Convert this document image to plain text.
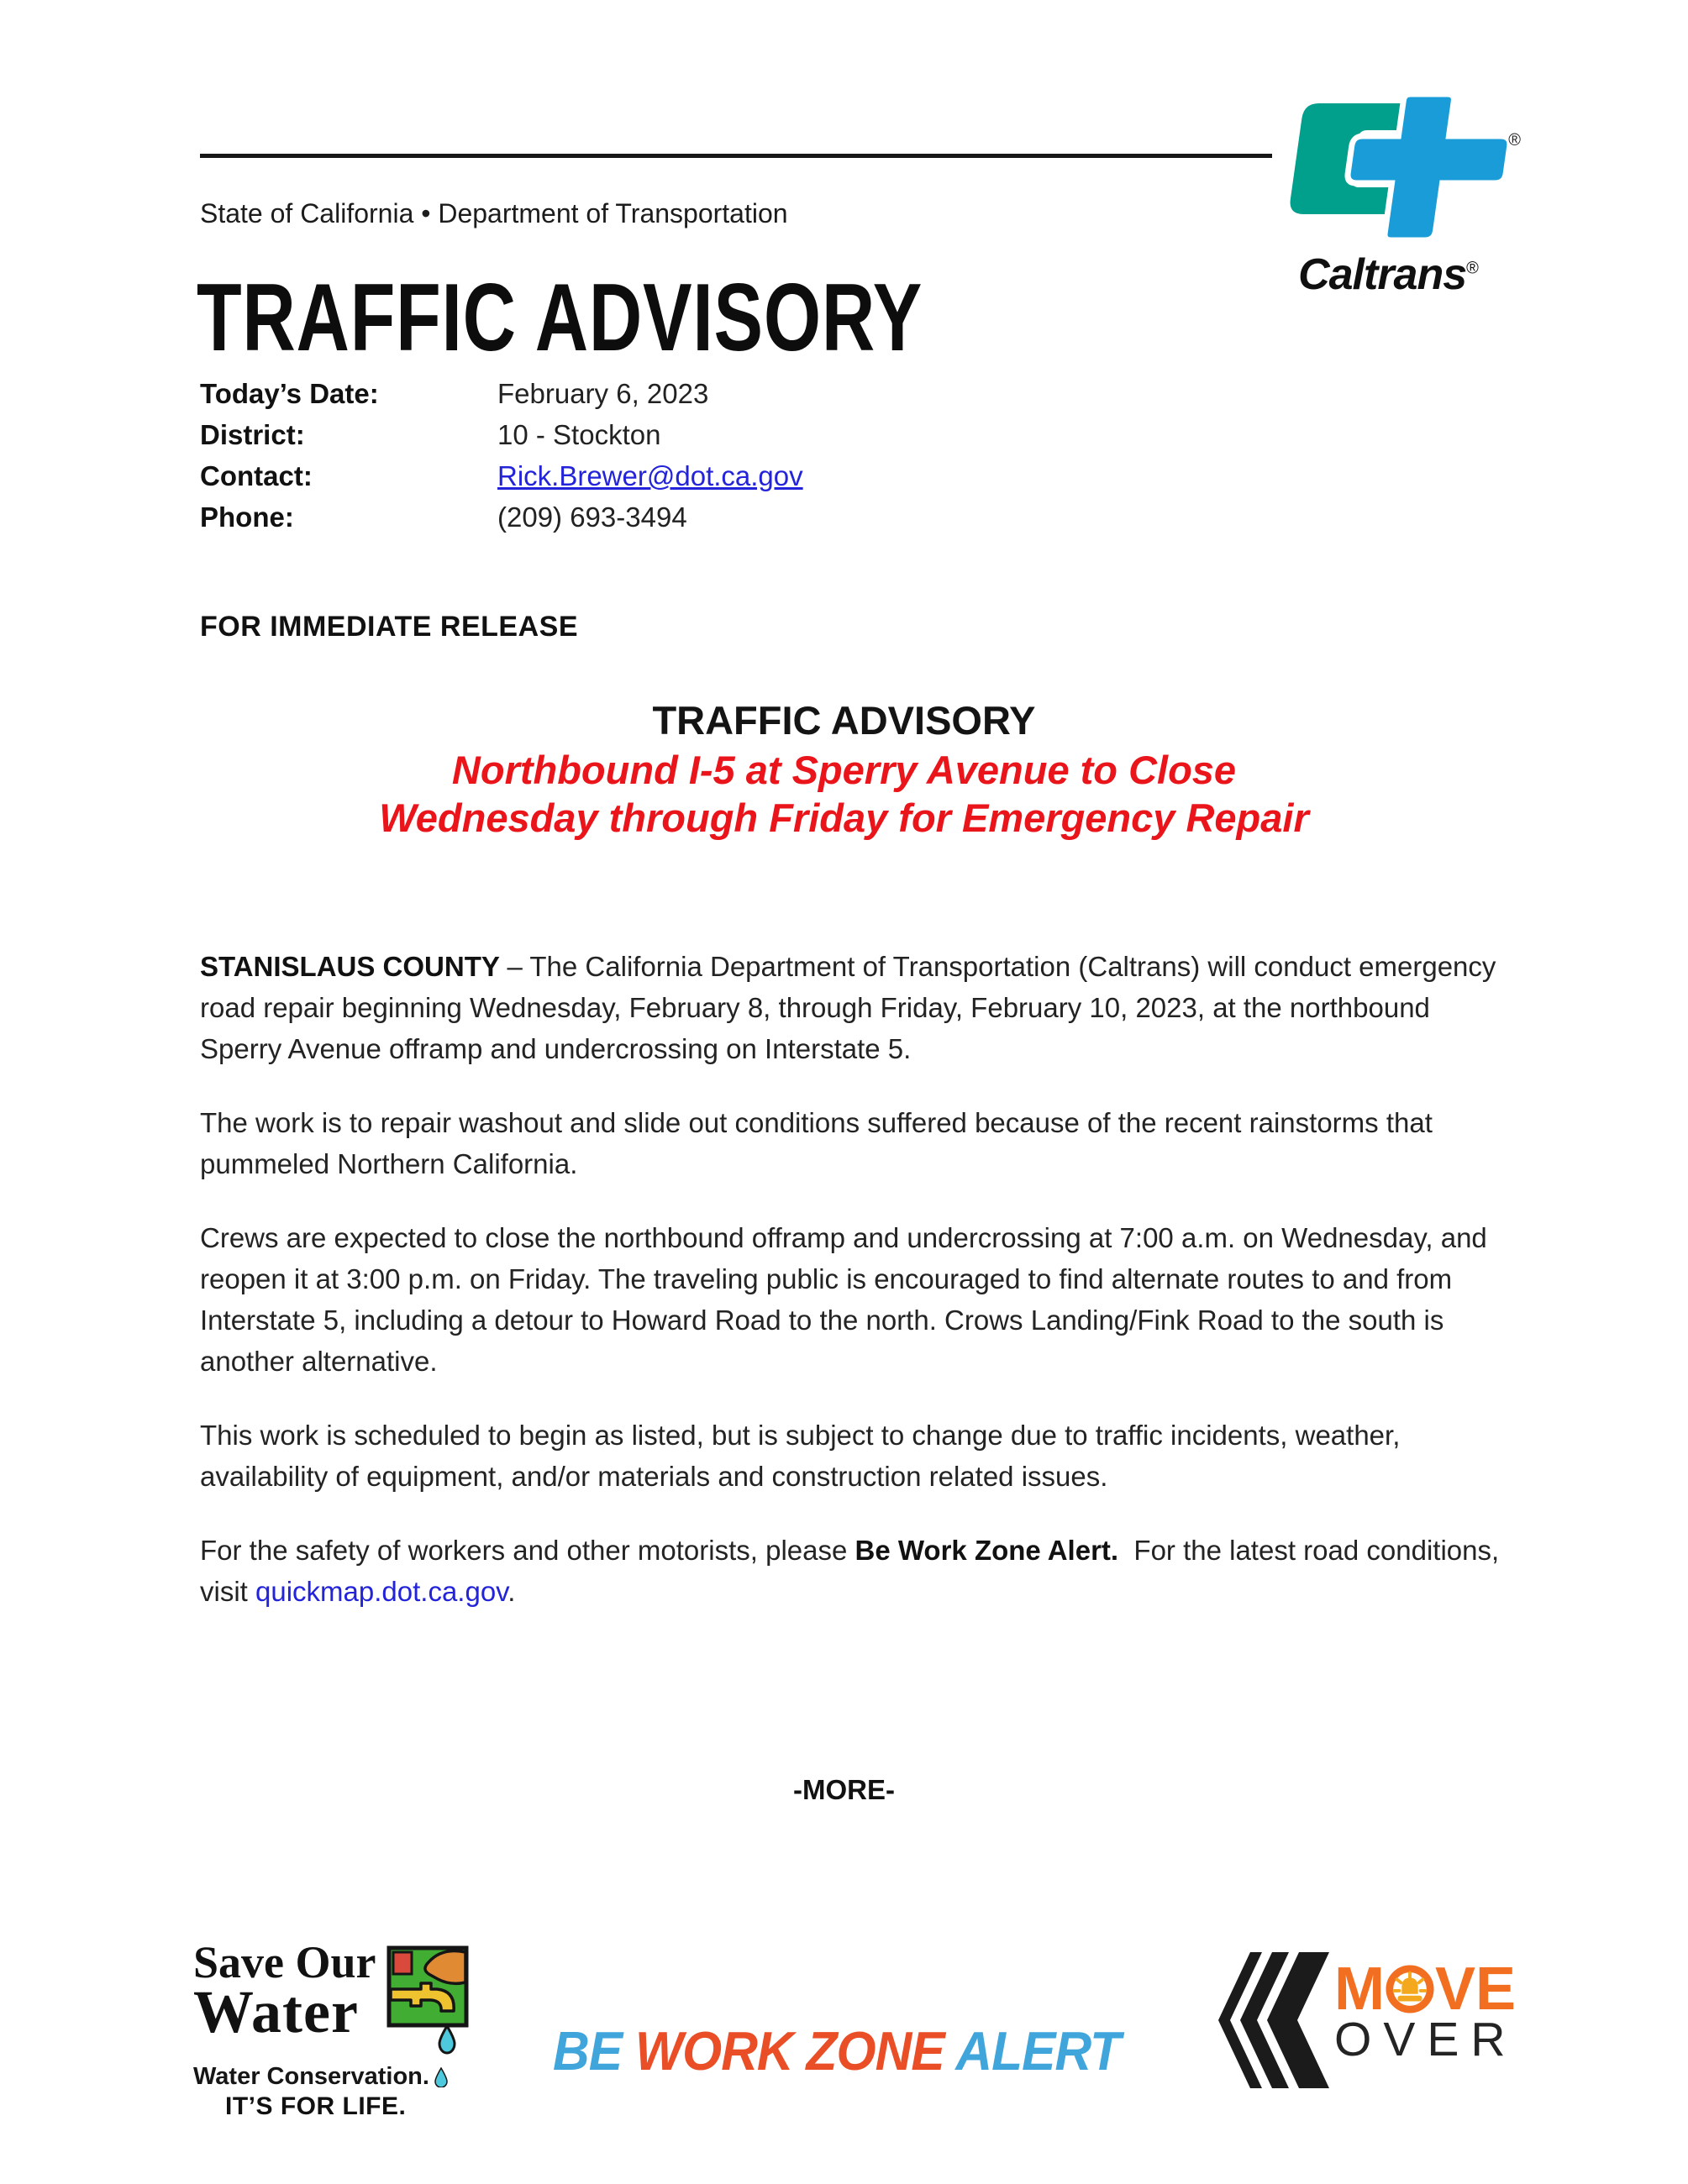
®
Caltrans®
State of California • Department of Transportation
TRAFFIC ADVISORY
Today’s Date:	February 6, 2023
District:	10 - Stockton
Contact:	Rick.Brewer@dot.ca.gov
Phone:	(209) 693-3494
FOR IMMEDIATE RELEASE
TRAFFIC ADVISORY
Northbound I-5 at Sperry Avenue to Close
Wednesday through Friday for Emergency Repair

STANISLAUS COUNTY – The California Department of Transportation (Caltrans) will conduct emergency road repair beginning Wednesday, February 8, through Friday, February 10, 2023, at the northbound Sperry Avenue offramp and undercrossing on Interstate 5.

The work is to repair washout and slide out conditions suffered because of the recent rainstorms that pummeled Northern California.

Crews are expected to close the northbound offramp and undercrossing at 7:00 a.m. on Wednesday, and reopen it at 3:00 p.m. on Friday. The traveling public is encouraged to find alternate routes to and from Interstate 5, including a detour to Howard Road to the north. Crows Landing/Fink Road to the south is another alternative.

This work is scheduled to begin as listed, but is subject to change due to traffic incidents, weather, availability of equipment, and/or materials and construction related issues.

For the safety of workers and other motorists, please Be Work Zone Alert.  For the latest road conditions, visit quickmap.dot.ca.gov.

-MORE-
Save Our
Water
Water Conservation.
IT’S FOR LIFE.
BE WORK ZONE ALERT
M VE
OVER
